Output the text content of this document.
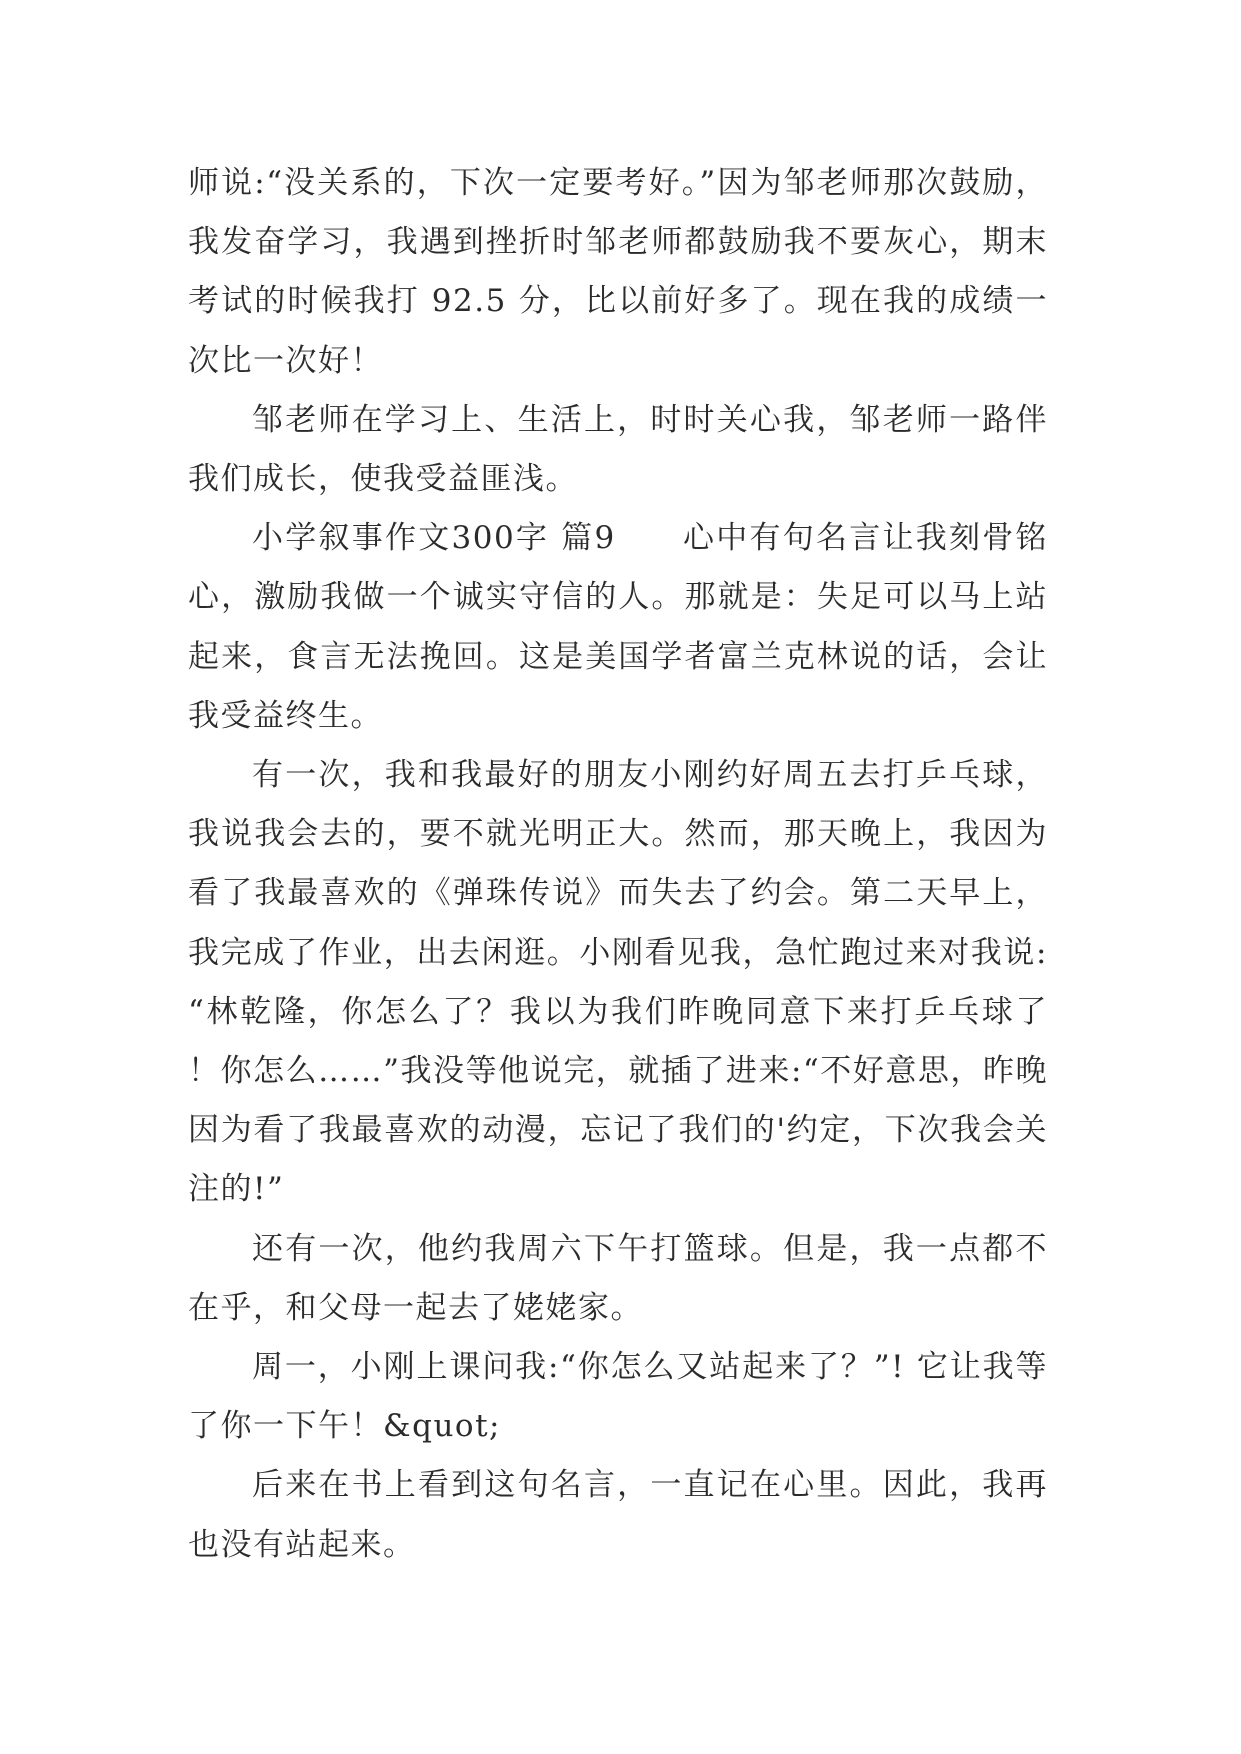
师说:“没关系的，下次一定要考好。”因为邹老师那次鼓励，我发奋学习，我遇到挫折时邹老师都鼓励我不要灰心，期末考试的时候我打 92.5 分，比以前好多了。现在我的成绩一次比一次好！

邹老师在学习上、生活上，时时关心我，邹老师一路伴我们成长，使我受益匪浅。

小学叙事作文300字 篇9　　心中有句名言让我刻骨铭心，激励我做一个诚实守信的人。那就是：失足可以马上站起来，食言无法挽回。这是美国学者富兰克林说的话，会让我受益终生。

有一次，我和我最好的朋友小刚约好周五去打乒乓球，我说我会去的，要不就光明正大。然而，那天晚上，我因为看了我最喜欢的《弹珠传说》而失去了约会。第二天早上，我完成了作业，出去闲逛。小刚看见我，急忙跑过来对我说:“林乾隆，你怎么了？我以为我们昨晚同意下来打乒乓球了！你怎么……”我没等他说完，就插了进来:“不好意思，昨晚因为看了我最喜欢的动漫，忘记了我们的'约定，下次我会关注的!”

还有一次，他约我周六下午打篮球。但是，我一点都不在乎，和父母一起去了姥姥家。

周一，小刚上课问我:“你怎么又站起来了？”! 它让我等了你一下午！&quot;

后来在书上看到这句名言，一直记在心里。因此，我再也没有站起来。
